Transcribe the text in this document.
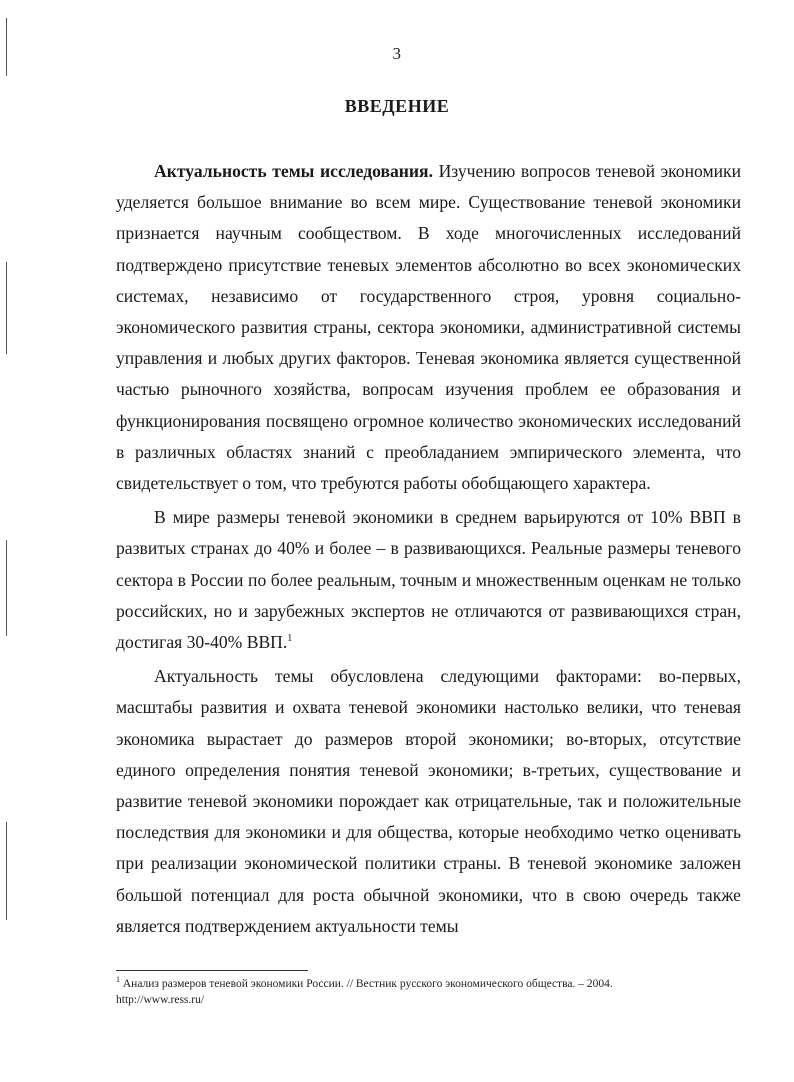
3
ВВЕДЕНИЕ

Актуальность темы исследования. Изучению вопросов теневой экономики уделяется большое внимание во всем мире. Существование теневой экономики признается научным сообществом. В ходе многочисленных исследований подтверждено присутствие теневых элементов абсолютно во всех экономических системах, независимо от государственного строя, уровня социально-экономического развития страны, сектора экономики, административной системы управления и любых других факторов. Теневая экономика является существенной частью рыночного хозяйства, вопросам изучения проблем ее образования и функционирования посвящено огромное количество экономических исследований в различных областях знаний с преобладанием эмпирического элемента, что свидетельствует о том, что требуются работы обобщающего характера.

В мире размеры теневой экономики в среднем варьируются от 10% ВВП в развитых странах до 40% и более – в развивающихся. Реальные размеры теневого сектора в России по более реальным, точным и множественным оценкам не только российских, но и зарубежных экспертов не отличаются от развивающихся стран, достигая 30-40% ВВП.$^1$

Актуальность темы обусловлена следующими факторами: во-первых, масштабы развития и охвата теневой экономики настолько велики, что теневая экономика вырастает до размеров второй экономики; во-вторых, отсутствие единого определения понятия теневой экономики; в-третьих, существование и развитие теневой экономики порождает как отрицательные, так и положительные последствия для экономики и для общества, которые необходимо четко оценивать при реализации экономической политики страны. В теневой экономике заложен большой потенциал для роста обычной экономики, что в свою очередь также является подтверждением актуальности темы

$^1$ Анализ размеров теневой экономики России. // Вестник русского экономического общества. – 2004.
http://www.ress.ru/
